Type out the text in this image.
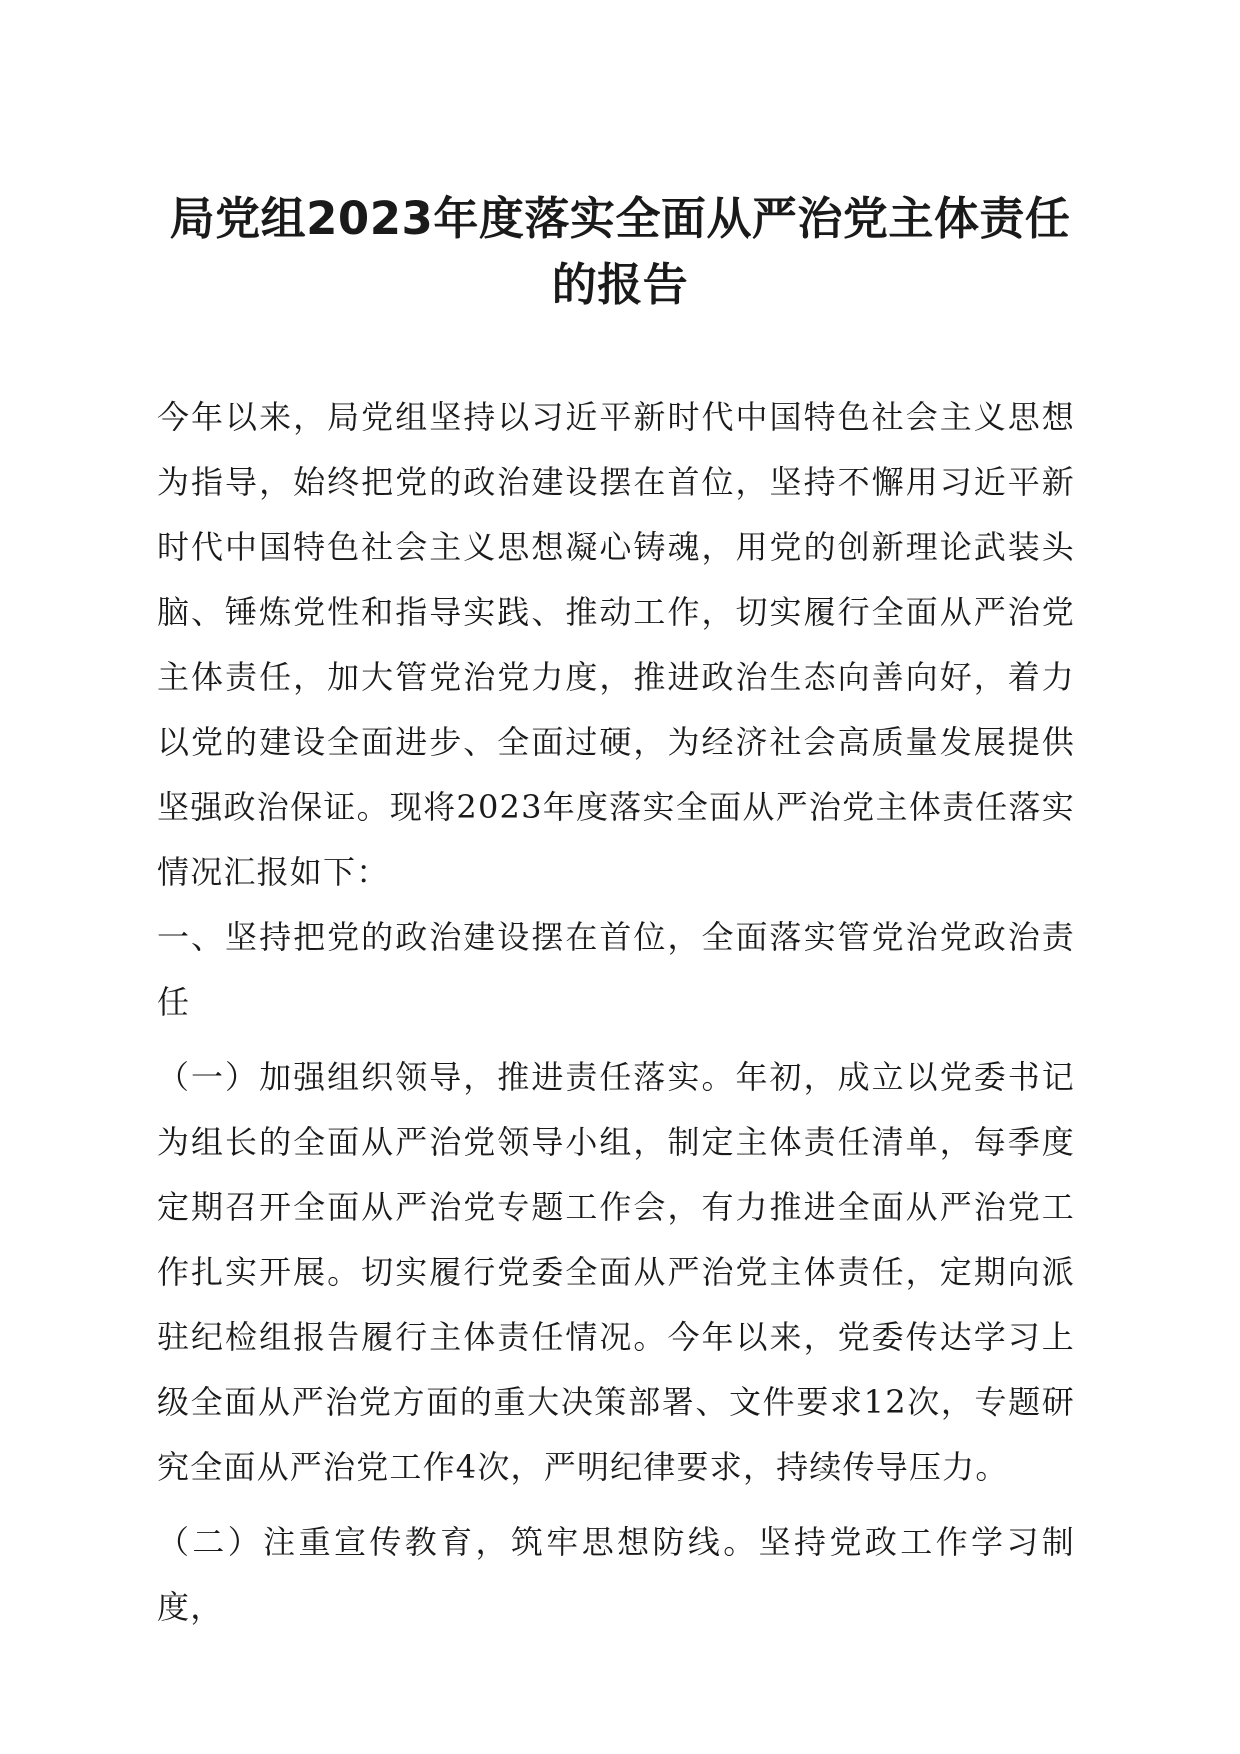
局党组2023年度落实全面从严治党主体责任的报告

今年以来，局党组坚持以习近平新时代中国特色社会主义思想为指导，始终把党的政治建设摆在首位，坚持不懈用习近平新时代中国特色社会主义思想凝心铸魂，用党的创新理论武装头脑、锤炼党性和指导实践、推动工作，切实履行全面从严治党主体责任，加大管党治党力度，推进政治生态向善向好，着力以党的建设全面进步、全面过硬，为经济社会高质量发展提供坚强政治保证。现将2023年度落实全面从严治党主体责任落实情况汇报如下：

一、坚持把党的政治建设摆在首位，全面落实管党治党政治责任

（一）加强组织领导，推进责任落实。年初，成立以党委书记为组长的全面从严治党领导小组，制定主体责任清单，每季度定期召开全面从严治党专题工作会，有力推进全面从严治党工作扎实开展。切实履行党委全面从严治党主体责任，定期向派驻纪检组报告履行主体责任情况。今年以来，党委传达学习上级全面从严治党方面的重大决策部署、文件要求12次，专题研究全面从严治党工作4次，严明纪律要求，持续传导压力。

（二）注重宣传教育，筑牢思想防线。坚持党政工作学习制度，
